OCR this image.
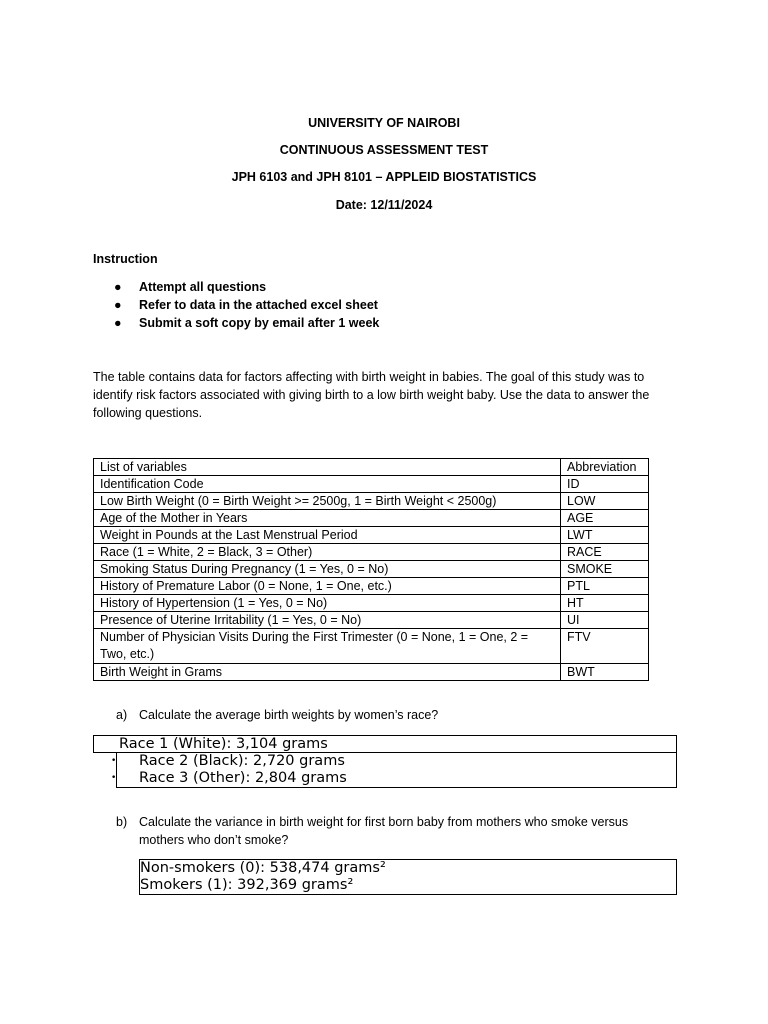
UNIVERSITY OF NAIROBI
CONTINUOUS ASSESSMENT TEST
JPH 6103 and JPH 8101 – APPLEID BIOSTATISTICS
Date: 12/11/2024
Instruction
● Attempt all questions
● Refer to data in the attached excel sheet
● Submit a soft copy by email after 1 week
The table contains data for factors affecting with birth weight in babies. The goal of this study was to identify risk factors associated with giving birth to a low birth weight baby. Use the data to answer the following questions.
List of variables	Abbreviation
Identification Code	ID
Low Birth Weight (0 = Birth Weight >= 2500g, 1 = Birth Weight < 2500g)	LOW
Age of the Mother in Years	AGE
Weight in Pounds at the Last Menstrual Period	LWT
Race (1 = White, 2 = Black, 3 = Other)	RACE
Smoking Status During Pregnancy (1 = Yes, 0 = No)	SMOKE
History of Premature Labor (0 = None, 1 = One, etc.)	PTL
History of Hypertension (1 = Yes, 0 = No)	HT
Presence of Uterine Irritability (1 = Yes, 0 = No)	UI
Number of Physician Visits During the First Trimester (0 = None, 1 = One, 2 = Two, etc.)	FTV
Birth Weight in Grams	BWT
a) Calculate the average birth weights by women’s race?
Race 1 (White): 3,104 grams
• Race 2 (Black): 2,720 grams
• Race 3 (Other): 2,804 grams
b) Calculate the variance in birth weight for first born baby from mothers who smoke versus
mothers who don’t smoke?
Non-smokers (0): 538,474 grams²
Smokers (1): 392,369 grams²
